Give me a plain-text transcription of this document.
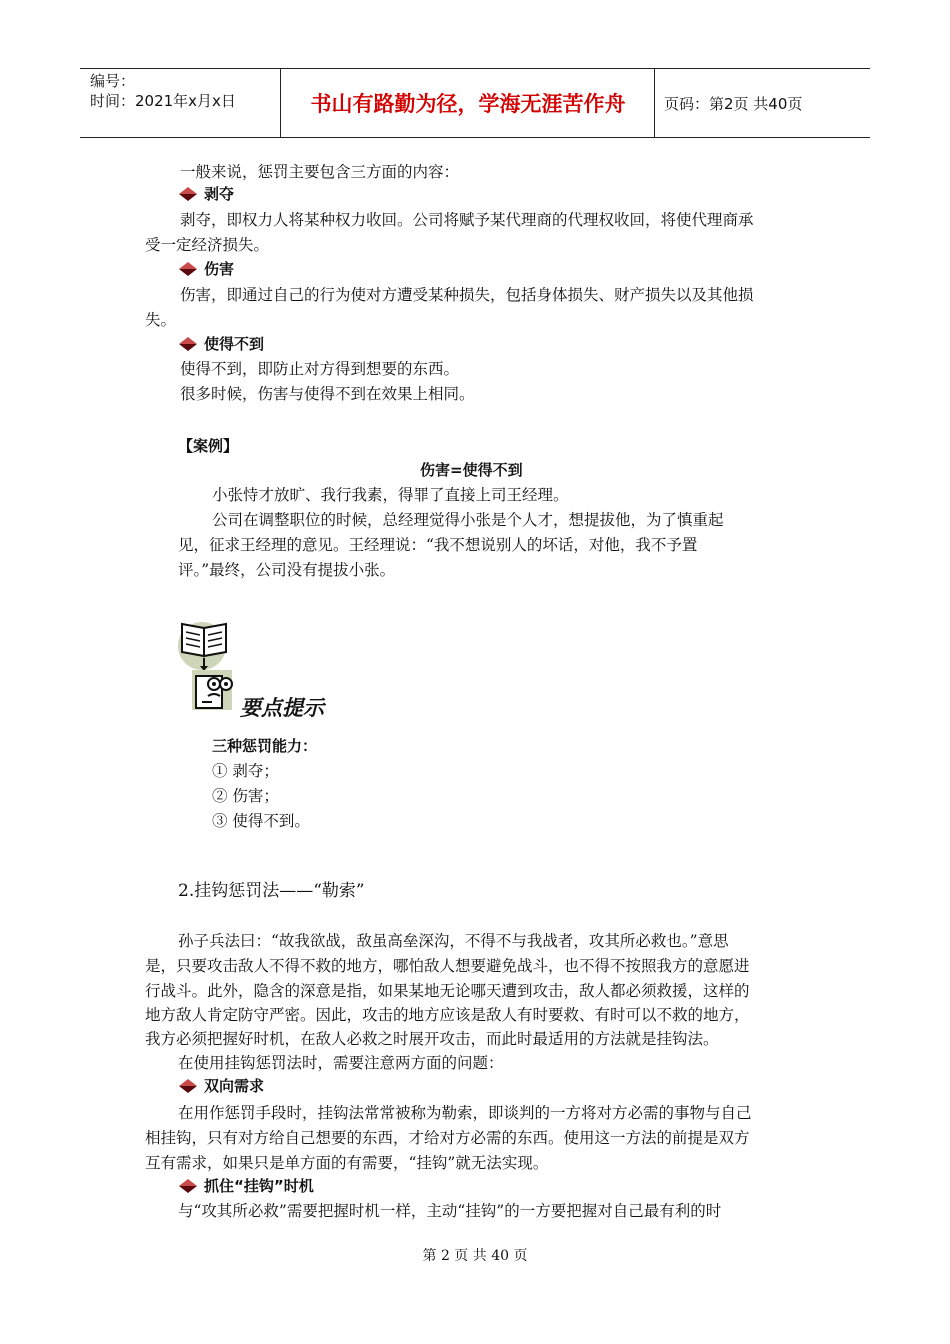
编号：
时间：2021年x月x日	书山有路勤为径，学海无涯苦作舟	页码：第2页 共40页
一般来说，惩罚主要包含三方面的内容：
剥夺
剥夺，即权力人将某种权力收回。公司将赋予某代理商的代理权收回，将使代理商承
受一定经济损失。
伤害
伤害，即通过自己的行为使对方遭受某种损失，包括身体损失、财产损失以及其他损
失。
使得不到
使得不到，即防止对方得到想要的东西。
很多时候，伤害与使得不到在效果上相同。
【案例】
伤害=使得不到
小张恃才放旷、我行我素，得罪了直接上司王经理。
公司在调整职位的时候，总经理觉得小张是个人才，想提拔他，为了慎重起
见，征求王经理的意见。王经理说：“我不想说别人的坏话，对他，我不予置
评。”最终，公司没有提拔小张。
要点提示
三种惩罚能力：
① 剥夺；
② 伤害；
③ 使得不到。
2.挂钩惩罚法——“勒索”
孙子兵法曰：“故我欲战，敌虽高垒深沟，不得不与我战者，攻其所必救也。”意思
是，只要攻击敌人不得不救的地方，哪怕敌人想要避免战斗，也不得不按照我方的意愿进
行战斗。此外，隐含的深意是指，如果某地无论哪天遭到攻击，敌人都必须救援，这样的
地方敌人肯定防守严密。因此，攻击的地方应该是敌人有时要救、有时可以不救的地方，
我方必须把握好时机，在敌人必救之时展开攻击，而此时最适用的方法就是挂钩法。
在使用挂钩惩罚法时，需要注意两方面的问题：
双向需求
在用作惩罚手段时，挂钩法常常被称为勒索，即谈判的一方将对方必需的事物与自己
相挂钩，只有对方给自己想要的东西，才给对方必需的东西。使用这一方法的前提是双方
互有需求，如果只是单方面的有需要，“挂钩”就无法实现。
抓住“挂钩”时机
与“攻其所必救”需要把握时机一样，主动“挂钩”的一方要把握对自己最有利的时
第 2 页 共 40 页
